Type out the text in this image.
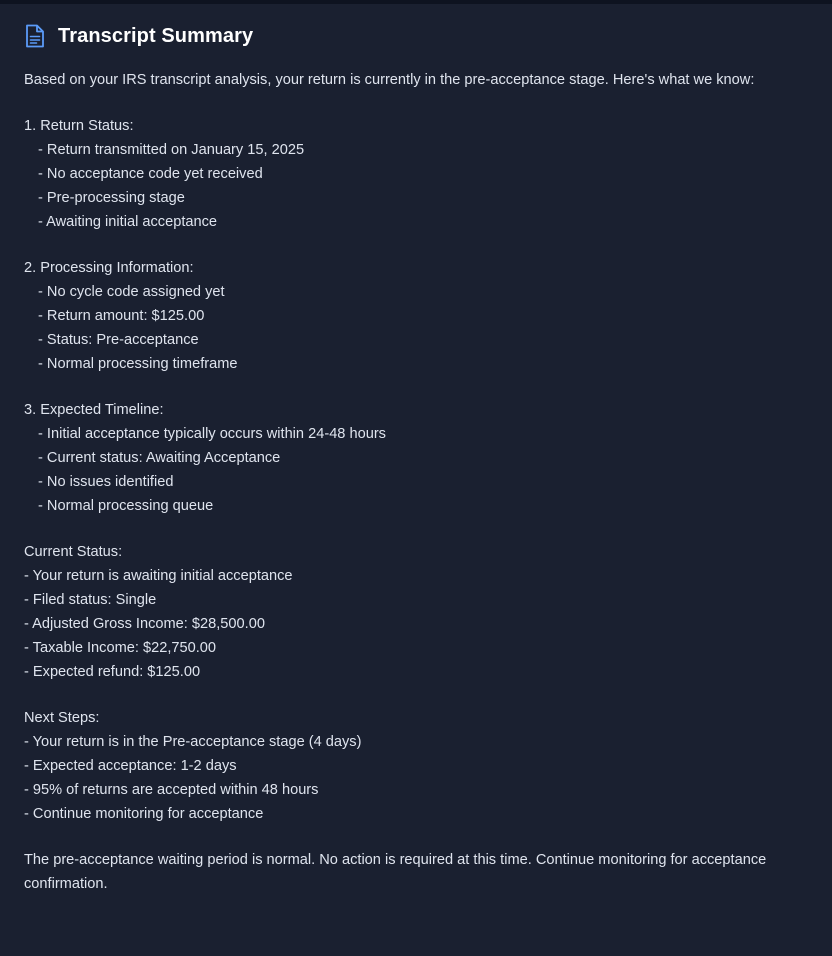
Transcript Summary
Based on your IRS transcript analysis, your return is currently in the pre-acceptance stage. Here's what we know:
1. Return Status:
- Return transmitted on January 15, 2025
- No acceptance code yet received
- Pre-processing stage
- Awaiting initial acceptance
2. Processing Information:
- No cycle code assigned yet
- Return amount: $125.00
- Status: Pre-acceptance
- Normal processing timeframe
3. Expected Timeline:
- Initial acceptance typically occurs within 24-48 hours
- Current status: Awaiting Acceptance
- No issues identified
- Normal processing queue
Current Status:
- Your return is awaiting initial acceptance
- Filed status: Single
- Adjusted Gross Income: $28,500.00
- Taxable Income: $22,750.00
- Expected refund: $125.00
Next Steps:
- Your return is in the Pre-acceptance stage (4 days)
- Expected acceptance: 1-2 days
- 95% of returns are accepted within 48 hours
- Continue monitoring for acceptance
The pre-acceptance waiting period is normal. No action is required at this time. Continue monitoring for acceptance confirmation.
